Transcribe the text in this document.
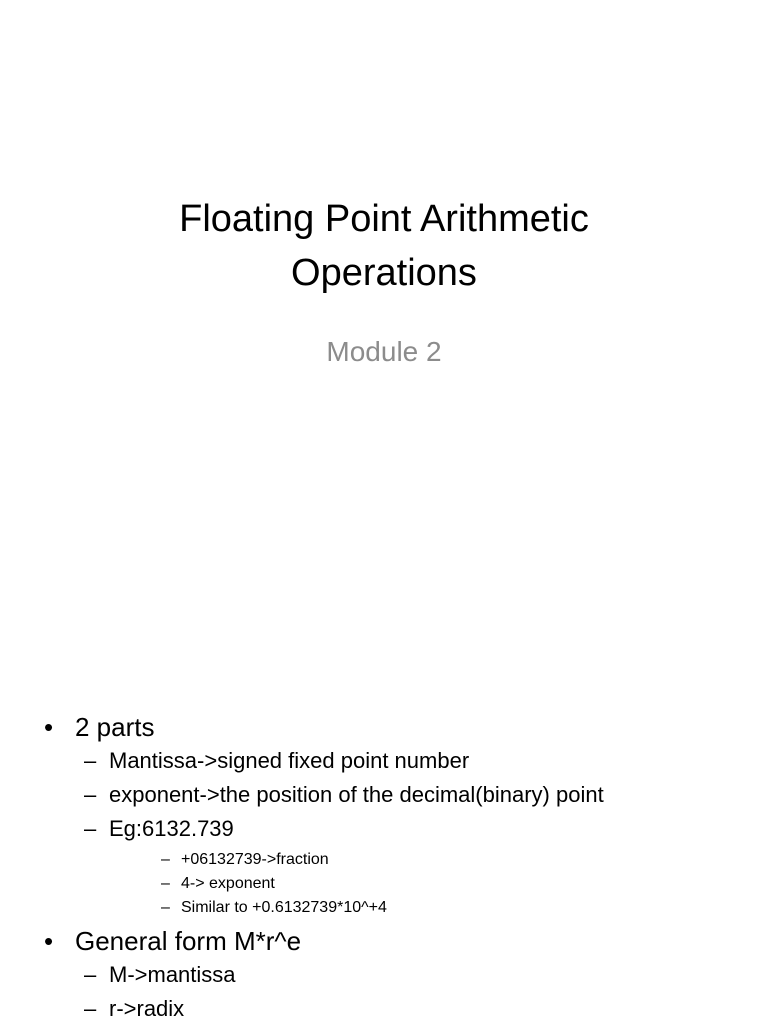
Floating Point Arithmetic
Operations
Module 2
• 2 parts
– Mantissa->signed fixed point number
– exponent->the position of the decimal(binary) point
– Eg:6132.739
– +06132739->fraction
– 4-> exponent
– Similar to +0.6132739*10^+4
• General form M*r^e
– M->mantissa
– r->radix
